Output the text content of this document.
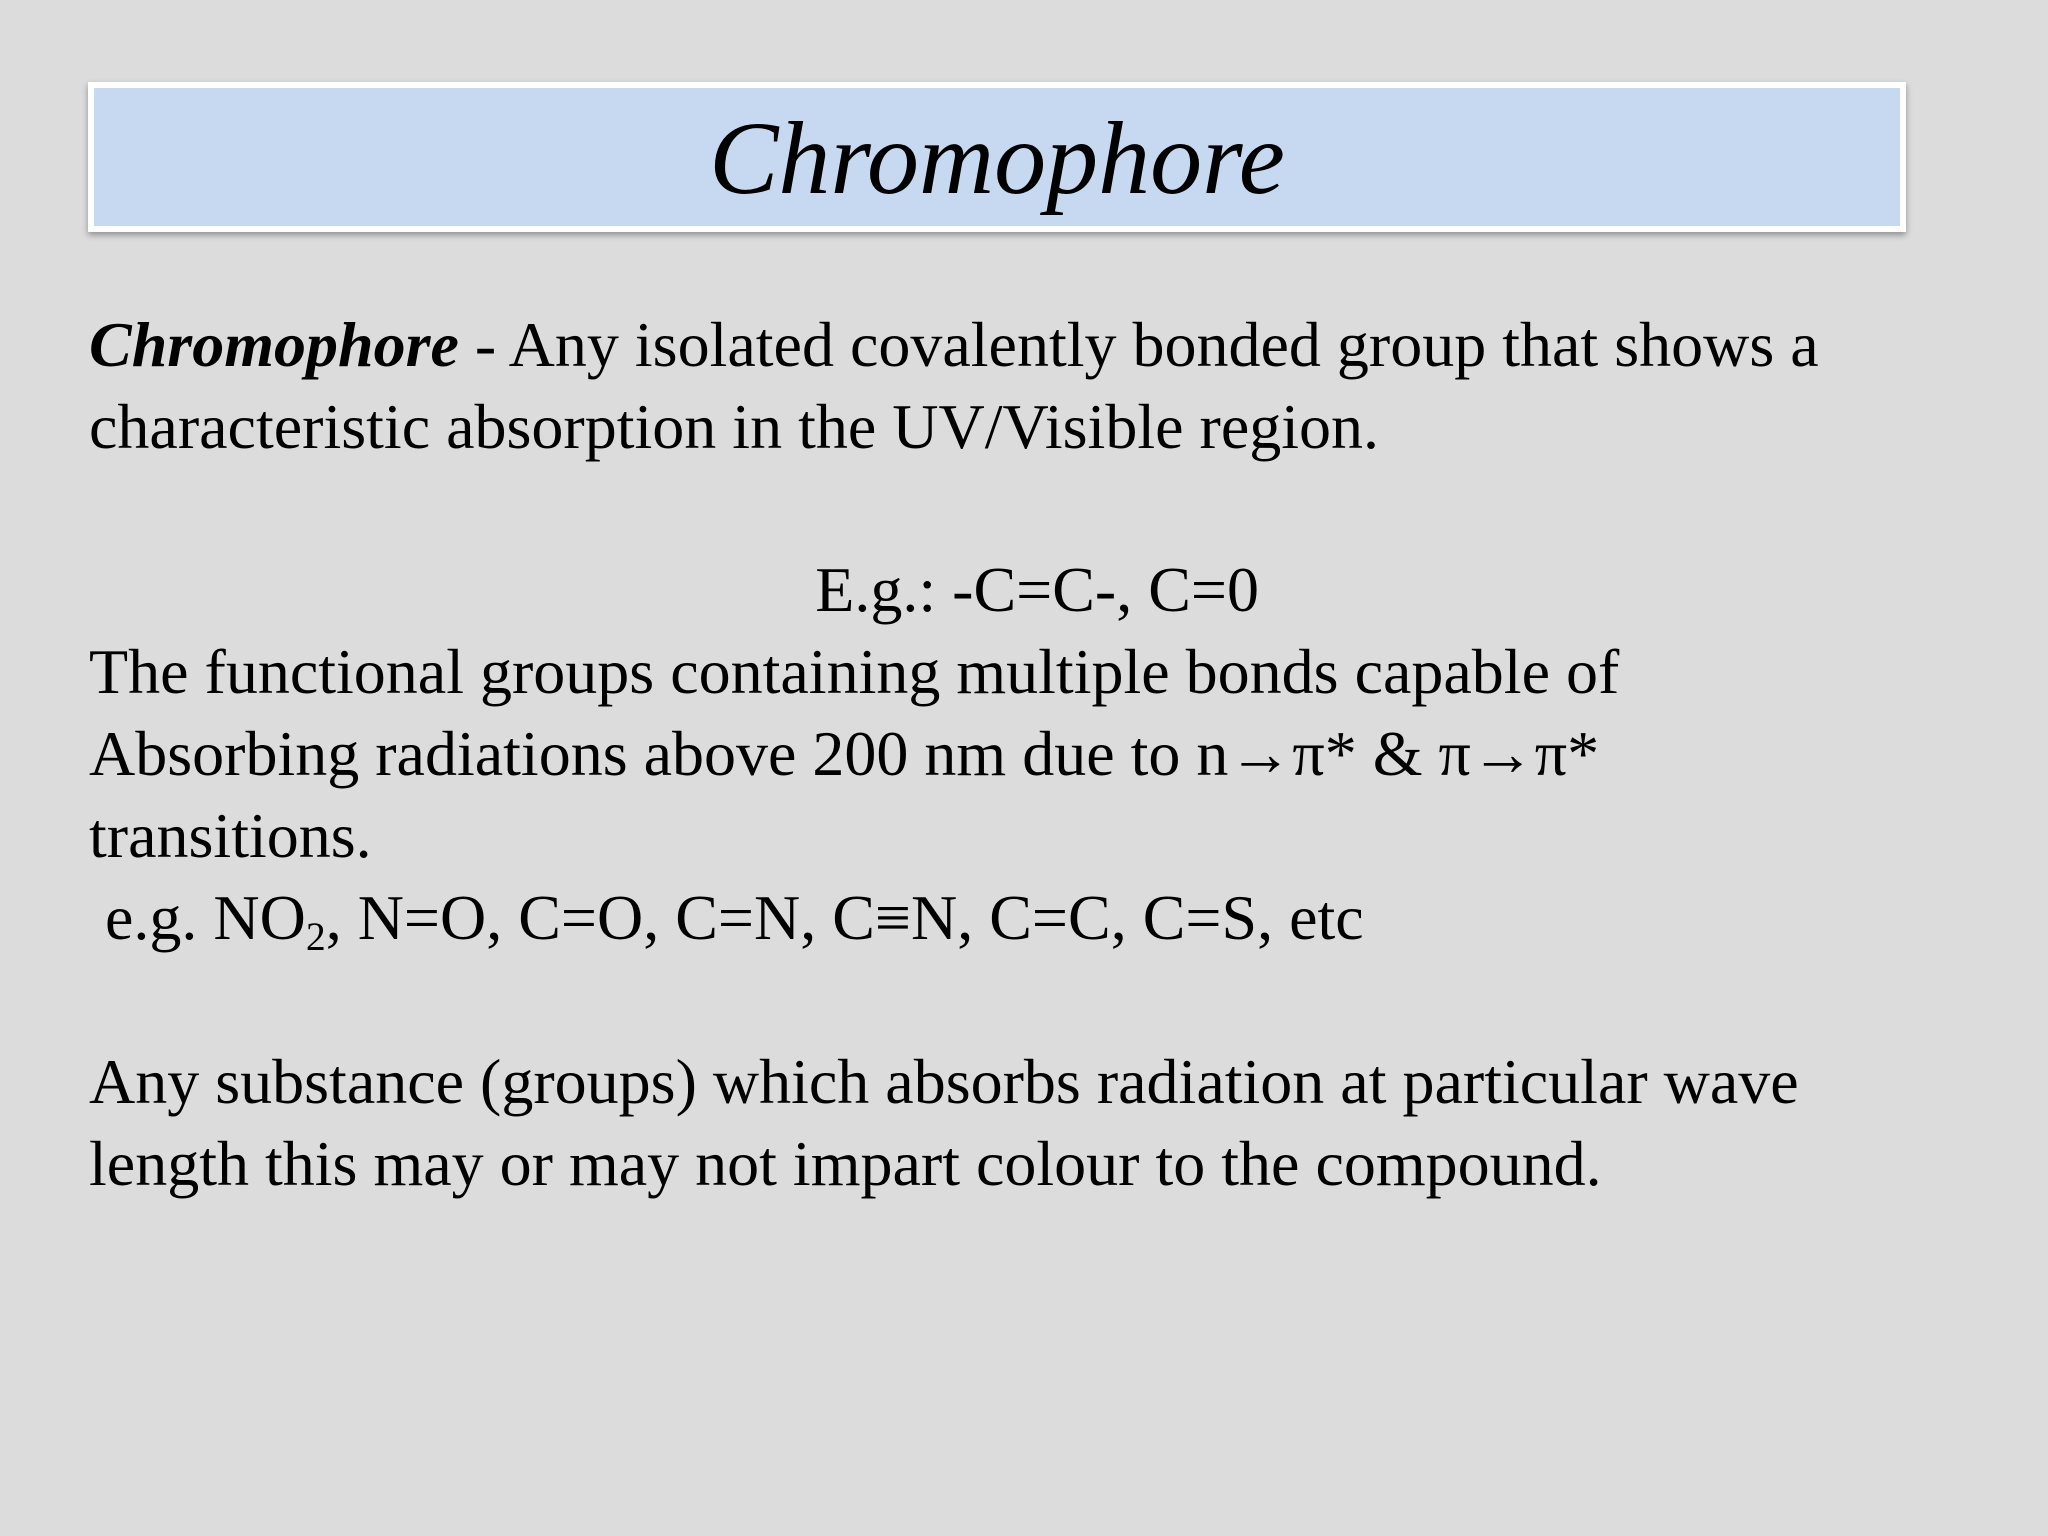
Chromophore
Chromophore - Any isolated covalently bonded group that shows a
characteristic absorption in the UV/Visible region.
E.g.: -C=C-, C=0
The functional groups containing multiple bonds capable of
Absorbing radiations above 200 nm due to n→π* & π→π*
transitions.
e.g. $NO_2$, N=O, C=O, C=N, C≡N, C=C, C=S, etc
Any substance (groups) which absorbs radiation at particular wave
length this may or may not impart colour to the compound.
